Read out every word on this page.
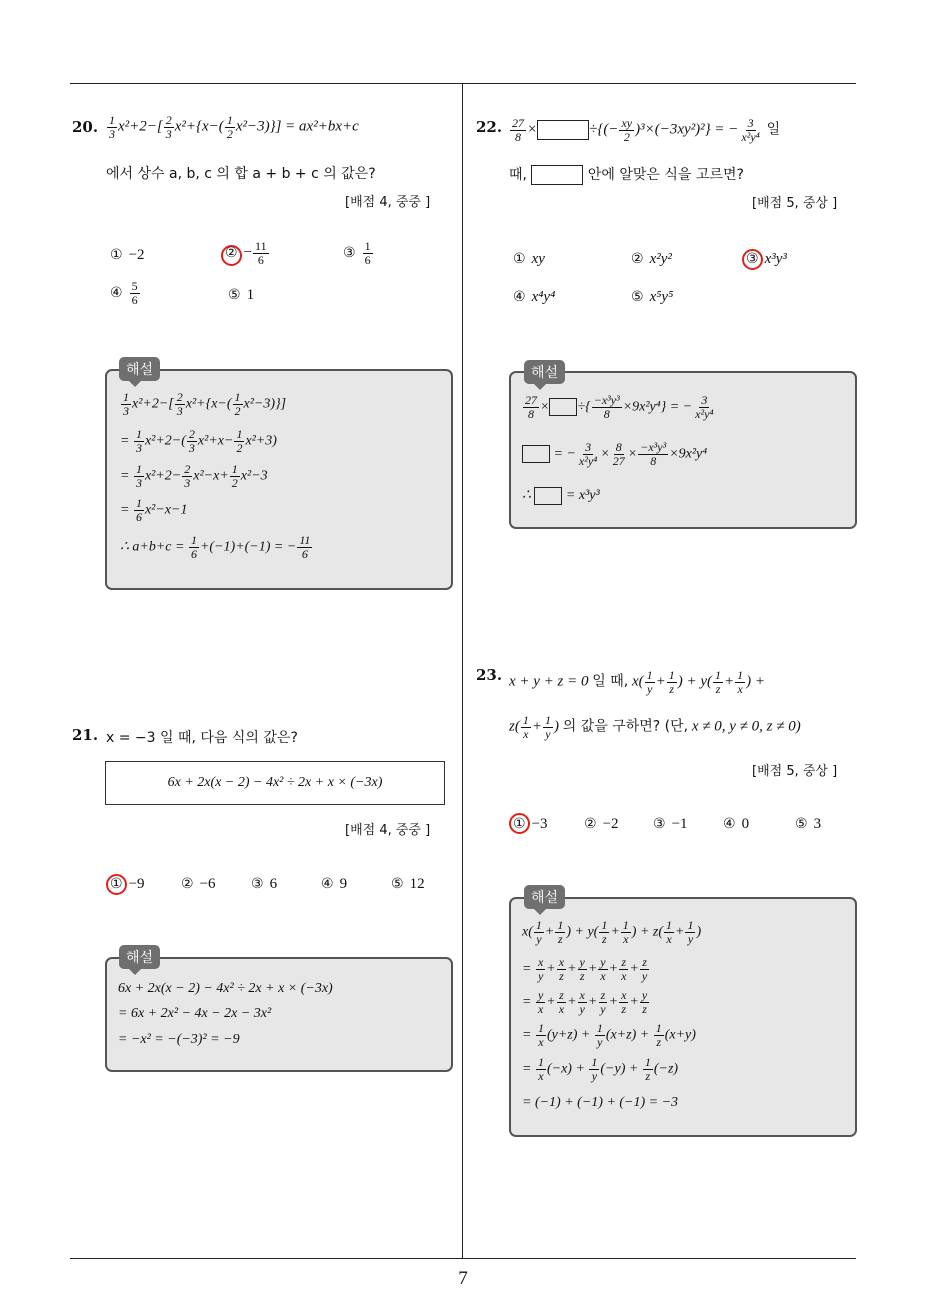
20. $\frac{1}{3} x^2+2-[ \frac{2}{3} x^2+\{x-( \frac{1}{2} x^2-3)\}] = ax^2+bx+c$
에서 상수 a, b, c 의 합 a + b + c 의 값은?
[배점 4, 중중 ]
① −2	② − $\frac{11}{6}$	③ $\frac{1}{6}$
④ $\frac{5}{6}$	⑤ 1
해설
$\frac{1}{3} x^2+2-[ \frac{2}{3} x^2+\{x-( \frac{1}{2} x^2-3)\}]$
= $\frac{1}{3} x^2+2-( \frac{2}{3} x^2+x- \frac{1}{2} x^2+3)$
= $\frac{1}{3} x^2+2- \frac{2}{3} x^2-x+ \frac{1}{2} x^2-3$
= $\frac{1}{6} x^2-x-1$
∴ $a+b+c = \frac{1}{6} +(-1)+(-1)$ = − $\frac{11}{6}$
21. x = −3 일 때, 다음 식의 값은?
6x + 2x(x − 2) − 4x² ÷ 2x + x × (−3x)
[배점 4, 중중 ]
① −9	② −6	③ 6	④ 9	⑤ 12
해설
6x + 2x(x − 2) − 4x² ÷ 2x + x × (−3x)
= 6x + 2x² − 4x − 2x − 3x²
= −x² = −(−3)² = −9
22. $\frac{27}{8}$ ×	÷{(− $\frac{xy}{2} )^3\times(-3xy^2)^2$} = − $\frac{3}{\text{x²y⁴}}$ 일
때,	안에 알맞은 식을 고르면?
[배점 5, 중상 ]
① xy	② x²y²	③ x³y³
④ x⁴y⁴	⑤ x⁵y⁵
해설
$\frac{27}{8}$ × ÷{ $\frac{\text{−x³y³}}{8} \times 9x^2y^4$} = − $\frac{3}{\text{x²y⁴}}$
= − $\frac{3}{\text{x²y⁴}} \times \frac{8}{27} \times \frac{\text{−x³y³}}{8} \times 9x^2y^4$
∴  = x³y³
23. x + y + z = 0 일 때, $x( \frac{1}{y} + \frac{1}{z}$ ) + $y( \frac{1}{z} + \frac{1}{x}$ ) +
$z( \frac{1}{x} + \frac{1}{y}$ ) 의 값을 구하면? (단, x ≠ 0, y ≠ 0, z ≠ 0)
[배점 5, 중상 ]
① −3	② −2 ③ −1	④ 0	⑤ 3
해설
$x( \frac{1}{y} + \frac{1}{z}$ ) + $y( \frac{1}{z} + \frac{1}{x}$ ) + $z( \frac{1}{x} + \frac{1}{y}$ )
= $\frac{x}{y} + \frac{x}{z} + \frac{y}{z} + \frac{y}{x} + \frac{z}{x} + \frac{z}{y}$
= $\frac{y}{x} + \frac{z}{x} + \frac{x}{y} + \frac{z}{y} + \frac{x}{z} + \frac{y}{z}$
= $\frac{1}{x} (y+z) + \frac{1}{y} (x+z) + \frac{1}{z} (x+y)$
= $\frac{1}{x} (-x) + \frac{1}{y} (-y) + \frac{1}{z} (-z)$
= (−1) + (−1) + (−1) = −3
7
